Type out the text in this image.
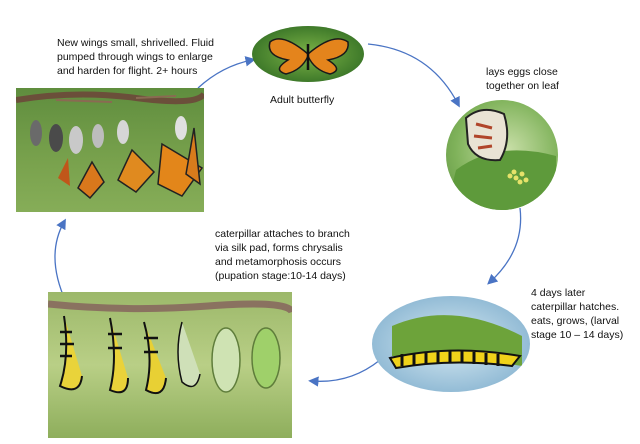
New wings small, shrivelled. Fluid pumped through wings to enlarge and harden for flight. 2+ hours
Adult butterfly
lays eggs close together on leaf
4 days later caterpillar hatches. eats, grows, (larval stage 10 – 14 days)
caterpillar attaches to branch via silk pad, forms chrysalis and metamorphosis occurs (pupation stage:10-14 days)
